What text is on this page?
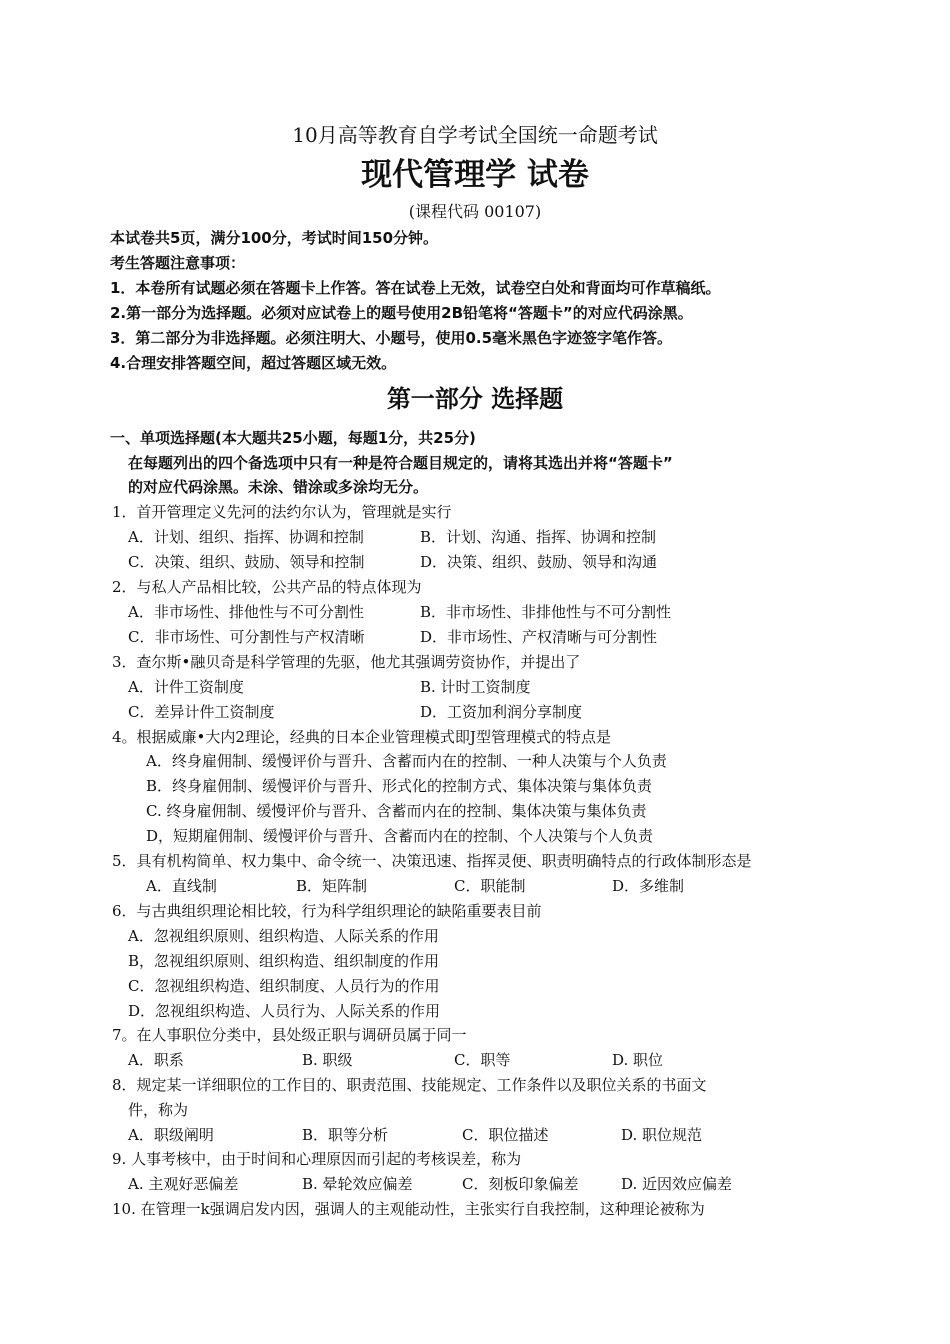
10月高等教育自学考试全国统一命题考试
现代管理学 试卷
(课程代码 00107)
本试卷共5页，满分100分，考试时间150分钟。
考生答题注意事项：
1．本卷所有试题必须在答题卡上作答。答在试卷上无效，试卷空白处和背面均可作草稿纸。
2.第一部分为选择题。必须对应试卷上的题号使用2B铅笔将“答题卡”的对应代码涂黑。
3．第二部分为非选择题。必须注明大、小题号，使用0.5毫米黑色字迹签字笔作答。
4.合理安排答题空间，超过答题区域无效。
第一部分 选择题
一、单项选择题(本大题共25小题，每题1分，共25分)
在每题列出的四个备选项中只有一种是符合题目规定的，请将其选出并将“答题卡”
的对应代码涂黑。未涂、错涂或多涂均无分。
1．首开管理定义先河的法约尔认为，管理就是实行
A．计划、组织、指挥、协调和控制	B．计划、沟通、指挥、协调和控制
C．决策、组织、鼓励、领导和控制	D．决策、组织、鼓励、领导和沟通
2．与私人产品相比较，公共产品的特点体现为
A．非市场性、排他性与不可分割性	B．非市场性、非排他性与不可分割性
C．非市场性、可分割性与产权清晰	D．非市场性、产权清晰与可分割性
3．查尔斯•融贝奇是科学管理的先驱，他尤其强调劳资协作，并提出了
A．计件工资制度	B. 计时工资制度
C．差异计件工资制度	D．工资加利润分享制度
4。根据威廉•大内2理论，经典的日本企业管理模式即J型管理模式的特点是
A．终身雇佣制、缓慢评价与晋升、含蓄而内在的控制、一种人决策与个人负责
B．终身雇佣制、缓慢评价与晋升、形式化的控制方式、集体决策与集体负责
C. 终身雇佣制、缓慢评价与晋升、含蓄而内在的控制、集体决策与集体负责
D，短期雇佣制、缓慢评价与晋升、含蓄而内在的控制、个人决策与个人负责
5．具有机构简单、权力集中、命令统一、决策迅速、指挥灵便、职责明确特点的行政体制形态是
A．直线制	B．矩阵制	C．职能制	D．多维制
6．与古典组织理论相比较，行为科学组织理论的缺陷重要表目前
A．忽视组织原则、组织构造、人际关系的作用
B，忽视组织原则、组织构造、组织制度的作用
C．忽视组织构造、组织制度、人员行为的作用
D．忽视组织构造、人员行为、人际关系的作用
7。在人事职位分类中，县处级正职与调研员属于同一
A．职系	B. 职级	C．职等	D. 职位
8．规定某一详细职位的工作目的、职责范围、技能规定、工作条件以及职位关系的书面文
件，称为
A．职级阐明	B．职等分析	C．职位描述	D. 职位规范
9. 人事考核中，由于时间和心理原因而引起的考核误差，称为
A. 主观好恶偏差	B. 晕轮效应偏差	C．刻板印象偏差	D. 近因效应偏差
10. 在管理一k强调启发内因，强调人的主观能动性，主张实行自我控制，这种理论被称为
